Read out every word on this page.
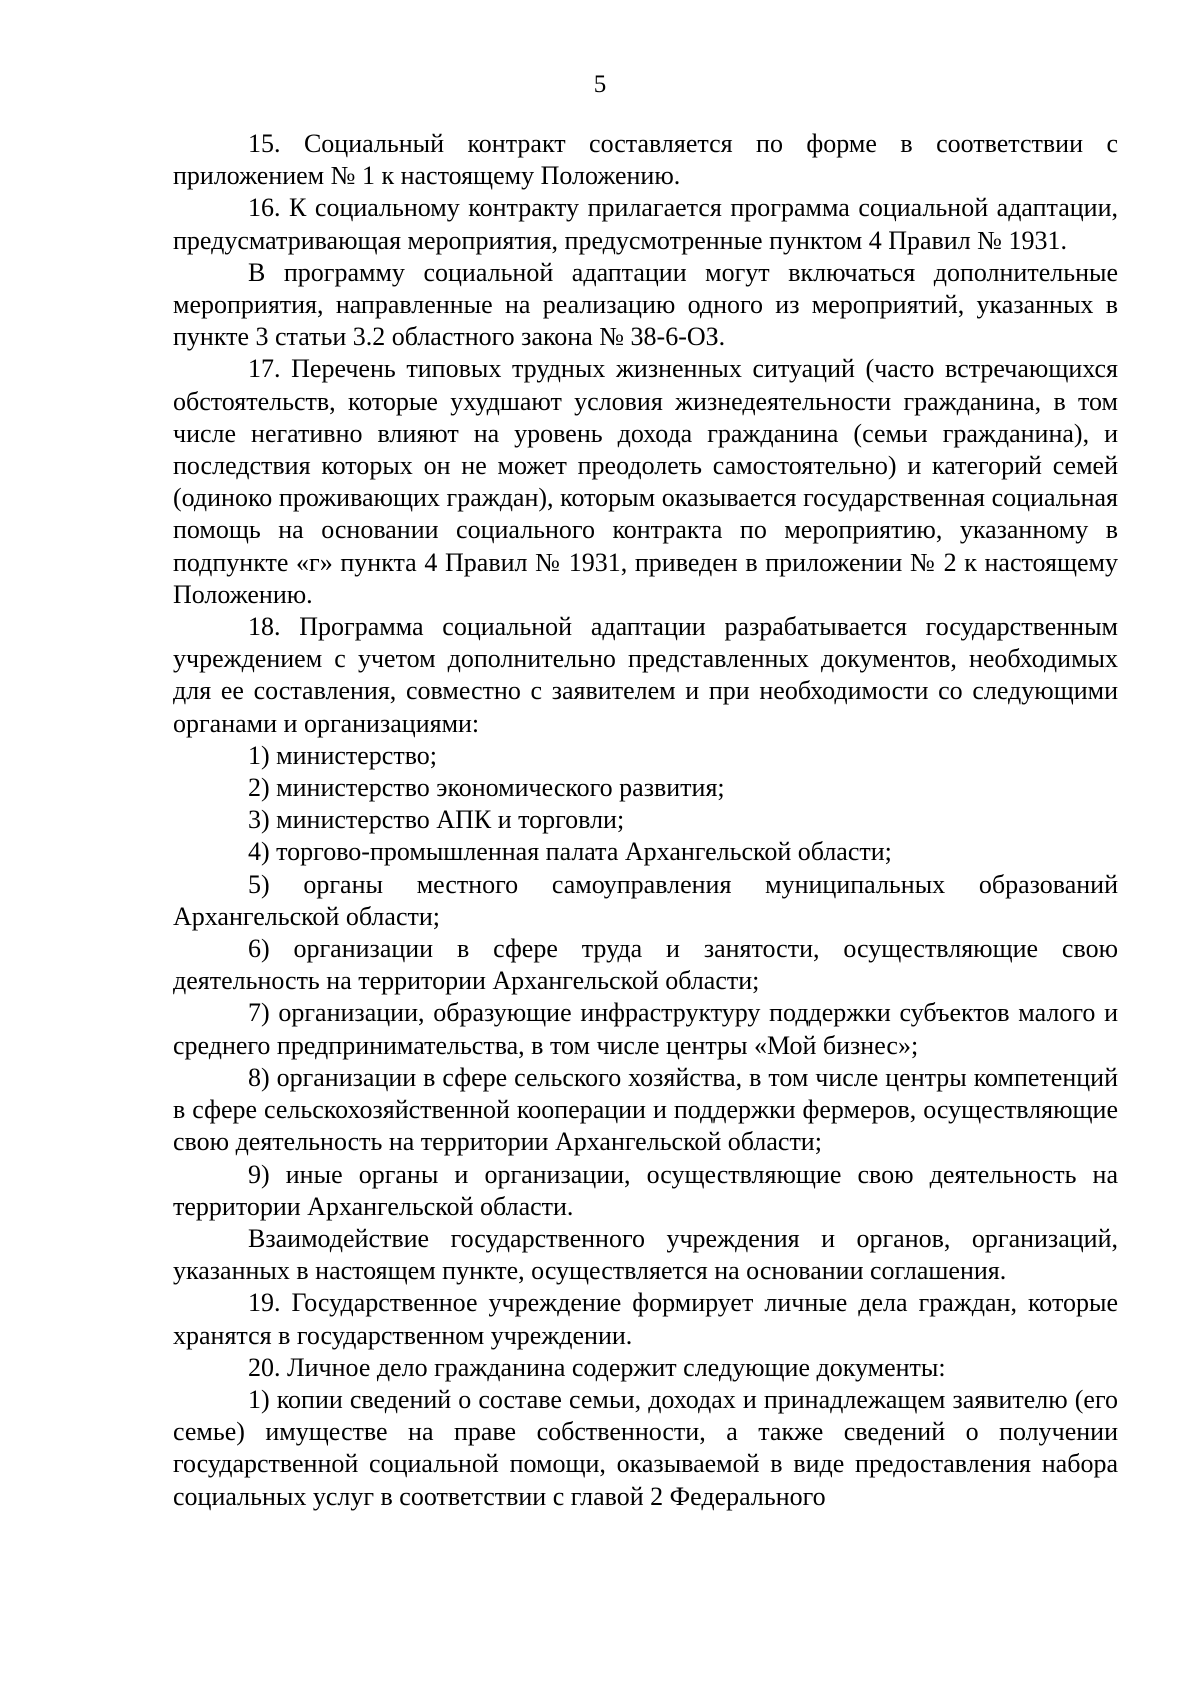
5

15. Социальный контракт составляется по форме в соответствии с приложением № 1 к настоящему Положению.

16. К социальному контракту прилагается программа социальной адаптации, предусматривающая мероприятия, предусмотренные пунктом 4 Правил № 1931.

В программу социальной адаптации могут включаться дополнительные мероприятия, направленные на реализацию одного из мероприятий, указанных в пункте 3 статьи 3.2 областного закона № 38-6-ОЗ.

17. Перечень типовых трудных жизненных ситуаций (часто встречающихся обстоятельств, которые ухудшают условия жизнедеятельности гражданина, в том числе негативно влияют на уровень дохода гражданина (семьи гражданина), и последствия которых он не может преодолеть самостоятельно) и категорий семей (одиноко проживающих граждан), которым оказывается государственная социальная помощь на основании социального контракта по мероприятию, указанному в подпункте «г» пункта 4 Правил № 1931, приведен в приложении № 2 к настоящему Положению.

18. Программа социальной адаптации разрабатывается государственным учреждением с учетом дополнительно представленных документов, необходимых для ее составления, совместно с заявителем и при необходимости со следующими органами и организациями:

1) министерство;

2) министерство экономического развития;

3) министерство АПК и торговли;

4) торгово-промышленная палата Архангельской области;

5) органы местного самоуправления муниципальных образований Архангельской области;

6) организации в сфере труда и занятости, осуществляющие свою деятельность на территории Архангельской области;

7) организации, образующие инфраструктуру поддержки субъектов малого и среднего предпринимательства, в том числе центры «Мой бизнес»;

8) организации в сфере сельского хозяйства, в том числе центры компетенций в сфере сельскохозяйственной кооперации и поддержки фермеров, осуществляющие свою деятельность на территории Архангельской области;

9) иные органы и организации, осуществляющие свою деятельность на территории Архангельской области.

Взаимодействие государственного учреждения и органов, организаций, указанных в настоящем пункте, осуществляется на основании соглашения.

19. Государственное учреждение формирует личные дела граждан, которые хранятся в государственном учреждении.

20. Личное дело гражданина содержит следующие документы:

1) копии сведений о составе семьи, доходах и принадлежащем заявителю (его семье) имуществе на праве собственности, а также сведений о получении государственной социальной помощи, оказываемой в виде предоставления набора социальных услуг в соответствии с главой 2 Федерального
